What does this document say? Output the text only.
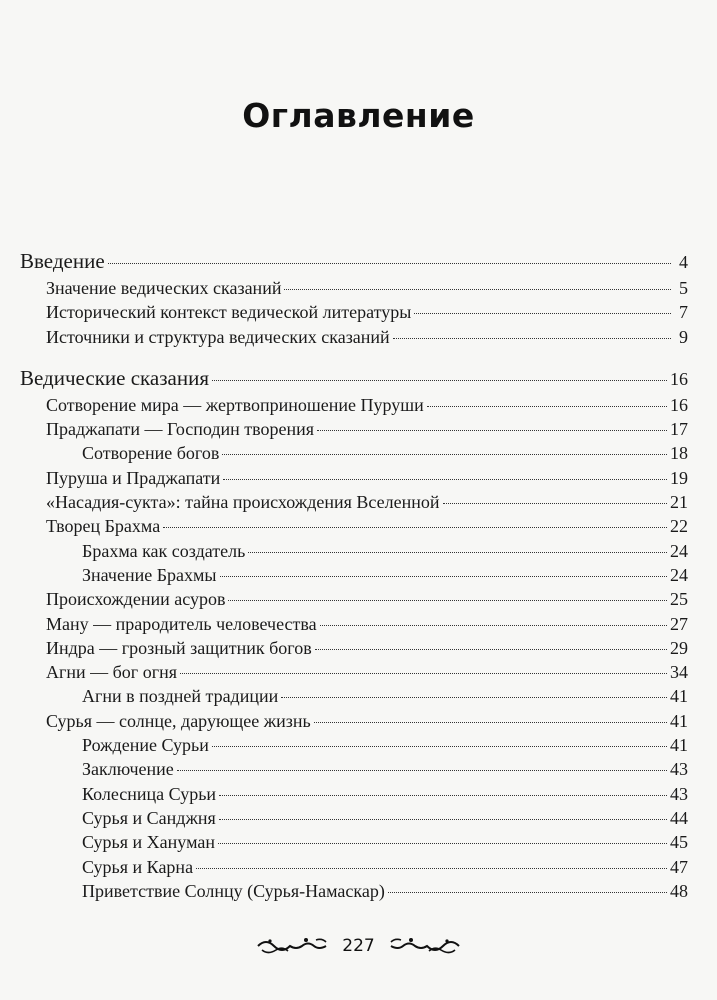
Оглавление
Введение	4
Значение ведических сказаний	5
Исторический контекст ведической литературы	7
Источники и структура ведических сказаний	9
Ведические сказания	16
Сотворение мира — жертвоприношение Пуруши	16
Праджапати — Господин творения	17
Сотворение богов	18
Пуруша и Праджапати	19
«Насадия-сукта»: тайна происхождения Вселенной	21
Творец Брахма	22
Брахма как создатель	24
Значение Брахмы	24
Происхождении асуров	25
Ману — прародитель человечества	27
Индра — грозный защитник богов	29
Агни — бог огня	34
Агни в поздней традиции	41
Сурья — солнце, дарующее жизнь	41
Рождение Сурьи	41
Заключение	43
Колесница Сурьи	43
Сурья и Санджня	44
Сурья и Хануман	45
Сурья и Карна	47
Приветствие Солнцу (Сурья-Намаскар)	48
227
